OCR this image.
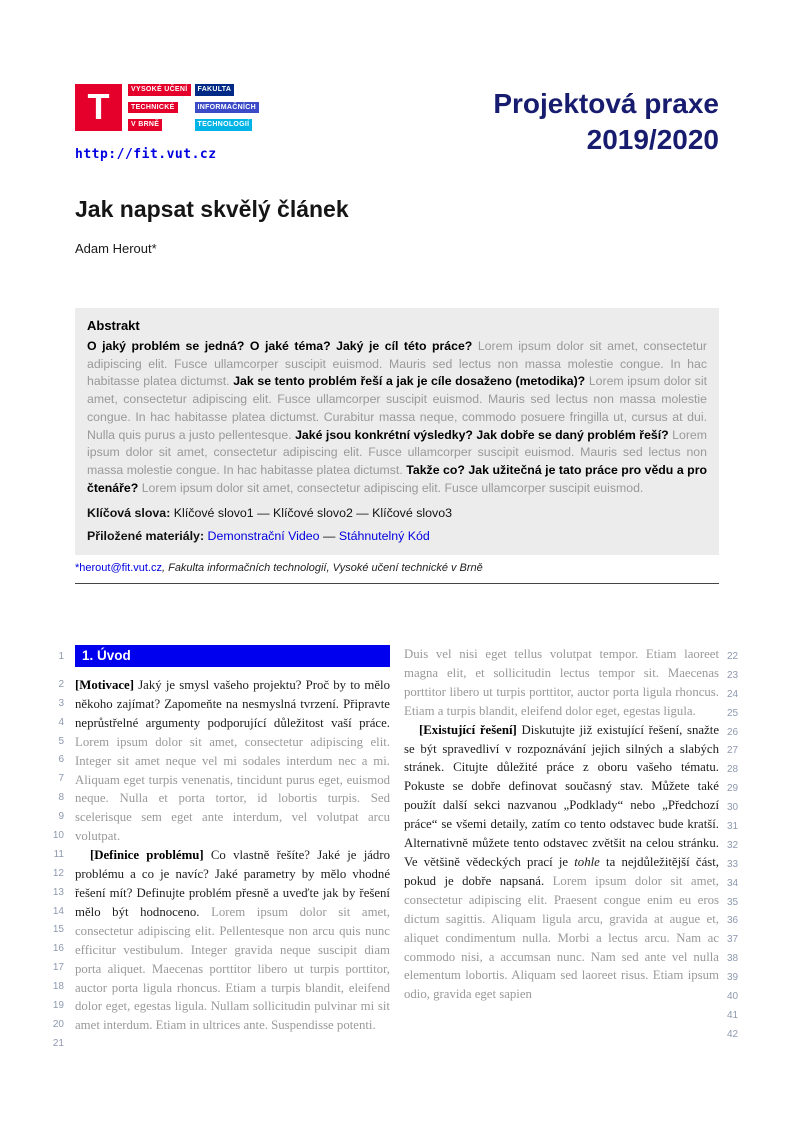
T	VYSOKÉ UČENÍ
TECHNICKÉ
V BRNĚ
FAKULTA
INFORMAČNÍCH
TECHNOLOGIÍ
http://fit.vut.cz
Projektová praxe
2019/2020
Jak napsat skvělý článek
Adam Herout*
Abstrakt

O jaký problém se jedná? O jaké téma? Jaký je cíl této práce? Lorem ipsum dolor sit amet, consectetur adipiscing elit. Fusce ullamcorper suscipit euismod. Mauris sed lectus non massa molestie congue. In hac habitasse platea dictumst. Jak se tento problém řeší a jak je cíle dosaženo (metodika)? Lorem ipsum dolor sit amet, consectetur adipiscing elit. Fusce ullamcorper suscipit euismod. Mauris sed lectus non massa molestie congue. In hac habitasse platea dictumst. Curabitur massa neque, commodo posuere fringilla ut, cursus at dui. Nulla quis purus a justo pellentesque. Jaké jsou konkrétní výsledky? Jak dobře se daný problém řeší? Lorem ipsum dolor sit amet, consectetur adipiscing elit. Fusce ullamcorper suscipit euismod. Mauris sed lectus non massa molestie congue. In hac habitasse platea dictumst. Takže co? Jak užitečná je tato práce pro vědu a pro čtenáře? Lorem ipsum dolor sit amet, consectetur adipiscing elit. Fusce ullamcorper suscipit euismod.

Klíčová slova: Klíčové slovo1 — Klíčové slovo2 — Klíčové slovo3

Přiložené materiály: Demonstrační Video — Stáhnutelný Kód

*herout@fit.vut.cz, Fakulta informačních technologií, Vysoké učení technické v Brně
1
2
3
4
5
6
7
8
9
10
11
12
13
14
15
16
17
18
19
20
21
22
23
24
25
26
27
28
29
30
31
32
33
34
35
36
37
38
39
40
41
42
1. Úvod

[Motivace] Jaký je smysl vašeho projektu? Proč by to mělo někoho zajímat? Zapomeňte na nesmyslná tvrzení. Připravte neprůstřelné argumenty podporující důležitost vaší práce. Lorem ipsum dolor sit amet, consectetur adipiscing elit. Integer sit amet neque vel mi sodales interdum nec a mi. Aliquam eget turpis venenatis, tincidunt purus eget, euismod neque. Nulla et porta tortor, id lobortis turpis. Sed scelerisque sem eget ante interdum, vel volutpat arcu volutpat.

[Definice problému] Co vlastně řešíte? Jaké je jádro problému a co je navíc? Jaké parametry by mělo vhodné řešení mít? Definujte problém přesně a uveďte jak by řešení mělo být hodnoceno. Lorem ipsum dolor sit amet, consectetur adipiscing elit. Pellentesque non arcu quis nunc efficitur vestibulum. Integer gravida neque suscipit diam porta aliquet. Maecenas porttitor libero ut turpis porttitor, auctor porta ligula rhoncus. Etiam a turpis blandit, eleifend dolor eget, egestas ligula. Nullam sollicitudin pulvinar mi sit amet interdum. Etiam in ultrices ante. Suspendisse potenti.

Duis vel nisi eget tellus volutpat tempor. Etiam laoreet magna elit, et sollicitudin lectus tempor sit. Maecenas porttitor libero ut turpis porttitor, auctor porta ligula rhoncus. Etiam a turpis blandit, eleifend dolor eget, egestas ligula.

[Existující řešení] Diskutujte již existující řešení, snažte se být spravedliví v rozpoznávání jejich silných a slabých stránek. Citujte důležité práce z oboru vašeho tématu. Pokuste se dobře definovat současný stav. Můžete také použít další sekci nazvanou „Podklady“ nebo „Předchozí práce“ se všemi detaily, zatím co tento odstavec bude kratší. Alternativně můžete tento odstavec zvětšit na celou stránku. Ve většině vědeckých prací je tohle ta nejdůležitější část, pokud je dobře napsaná. Lorem ipsum dolor sit amet, consectetur adipiscing elit. Praesent congue enim eu eros dictum sagittis. Aliquam ligula arcu, gravida at augue et, aliquet condimentum nulla. Morbi a lectus arcu. Nam ac commodo nisi, a accumsan nunc. Nam sed ante vel nulla elementum lobortis. Aliquam sed laoreet risus. Etiam ipsum odio, gravida eget sapien
